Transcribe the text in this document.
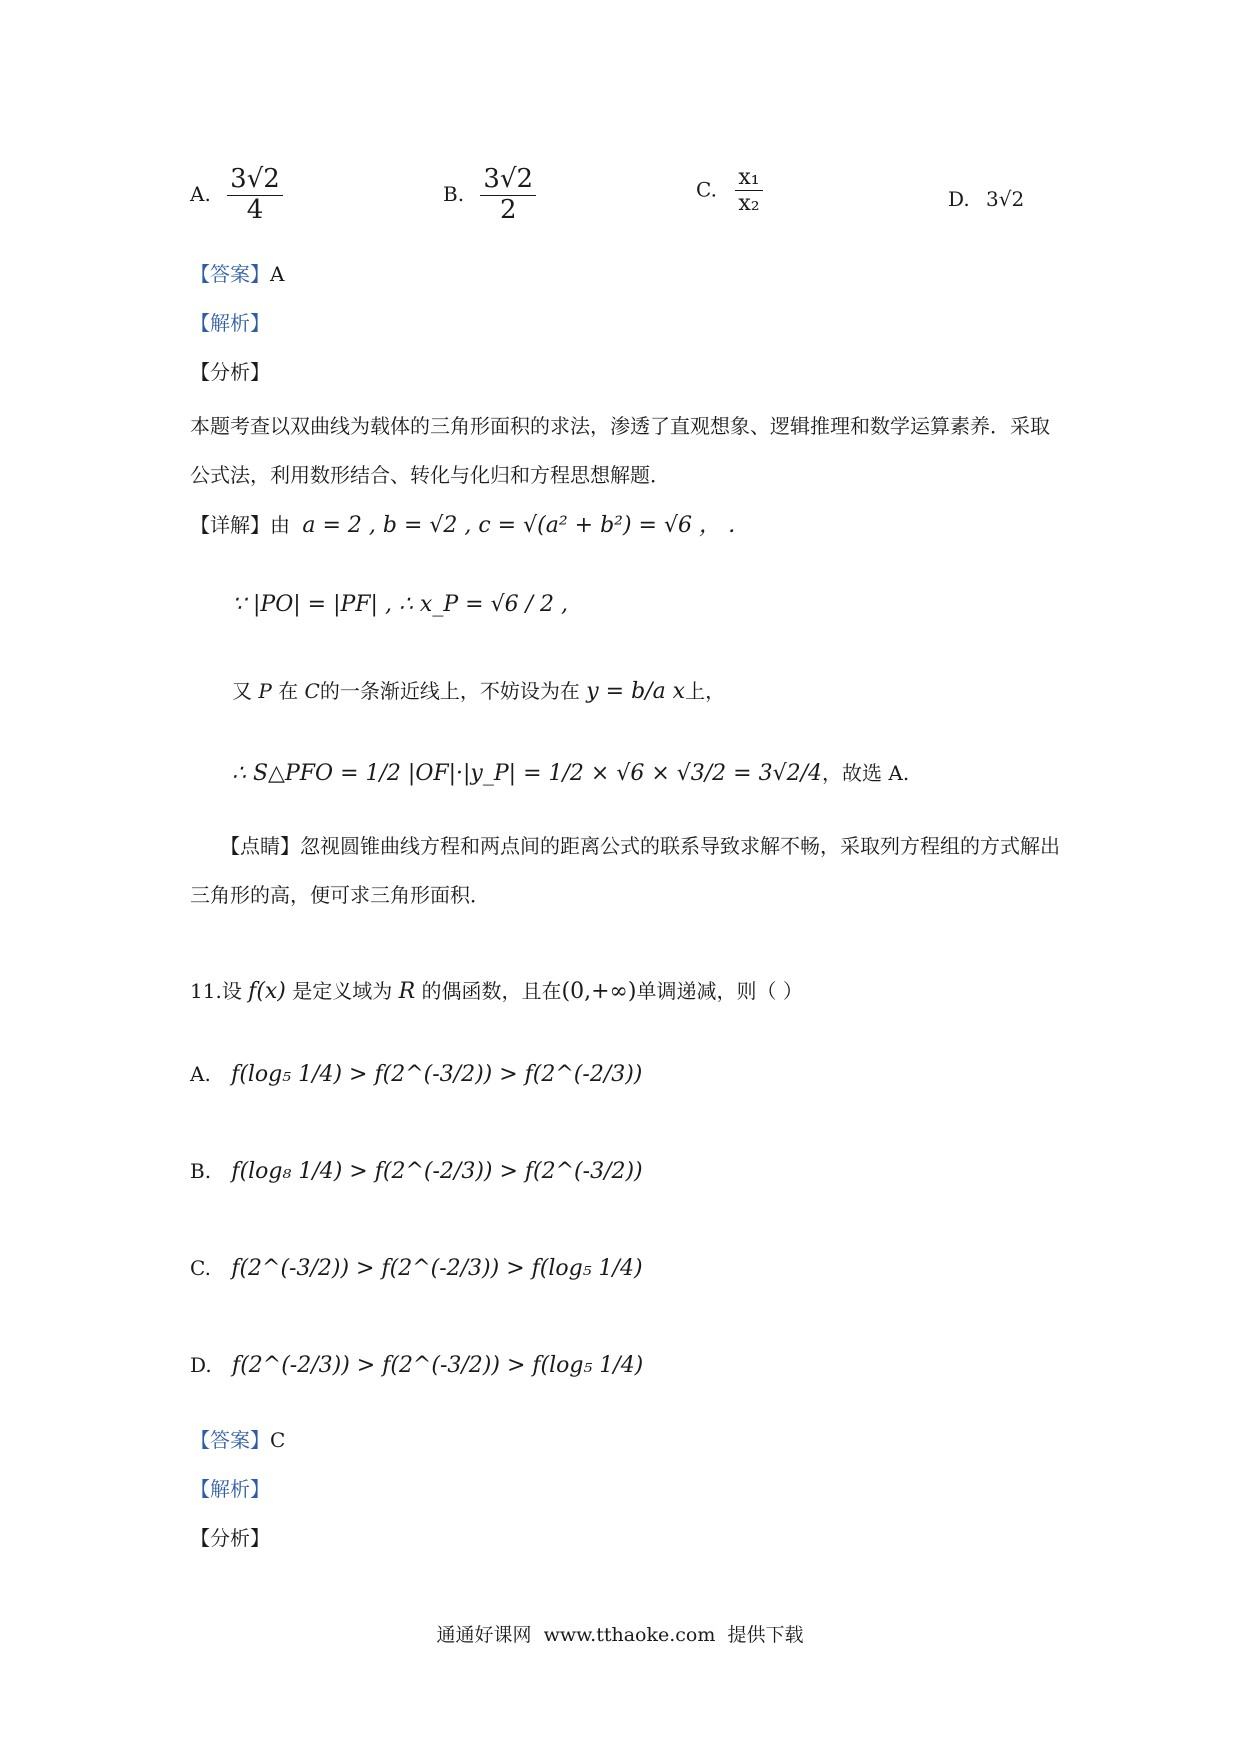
A. $\frac{3√2}{4}$	B. $\frac{3√2}{2}$	C. $\frac{\text{x₁}}{\text{x₂}}$	D. 3√2
【答案】A
【解析】
【分析】

本题考查以双曲线为载体的三角形面积的求法，渗透了直观想象、逻辑推理和数学运算素养．采取公式法，利用数形结合、转化与化归和方程思想解题．

【详解】由 a = 2 , b = √2 , c = √(a² + b²) = √6 ， ．
∵ |PO| = |PF| , ∴ x_P = √6 / 2 ,
又 P 在 C的一条渐近线上，不妨设为在 y = b/a x上，
∴ S△PFO = 1/2 |OF|·|y_P| = 1/2 × √6 × √3/2 = 3√2/4，故选 A.

【点睛】忽视圆锥曲线方程和两点间的距离公式的联系导致求解不畅，采取列方程组的方式解出三角形的高，便可求三角形面积．

11.设 f(x) 是定义域为 R 的偶函数，且在(0,+∞)单调递减，则（ ）
A. f(log₅ 1/4) > f(2^(-3/2)) > f(2^(-2/3))
B. f(log₈ 1/4) > f(2^(-2/3)) > f(2^(-3/2))
C. f(2^(-3/2)) > f(2^(-2/3)) > f(log₅ 1/4)
D. f(2^(-2/3)) > f(2^(-3/2)) > f(log₅ 1/4)
【答案】C
【解析】
【分析】
通通好课网  www.tthaoke.com  提供下载
